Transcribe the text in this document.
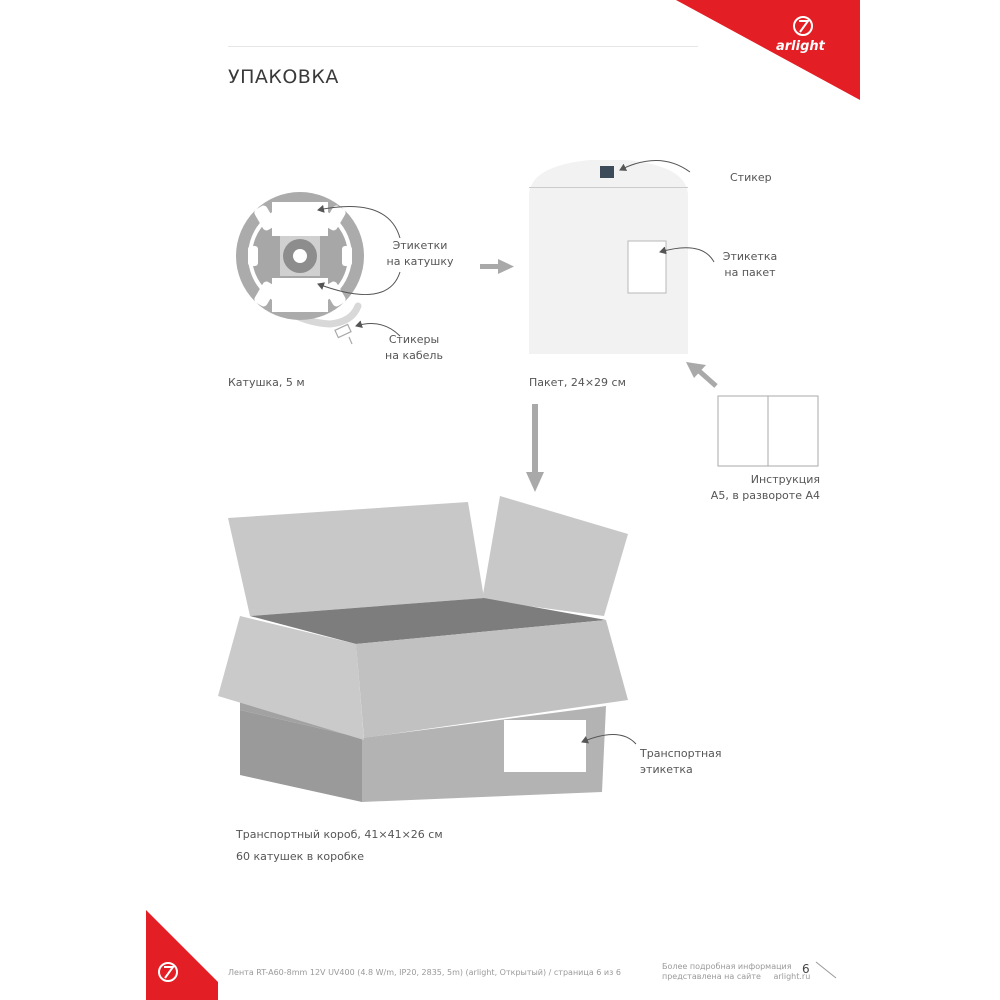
arlight
УПАКОВКА
Этикетки
на катушку
Стикеры
на кабель
Катушка, 5 м
Стикер
Этикетка
на пакет
Пакет, 24×29 см
Инструкция
А5, в развороте А4
Транспортная
этикетка
Транспортный короб, 41×41×26 см
60 катушек в коробке
Лента RT-A60-8mm 12V UV400 (4.8 W/m, IP20, 2835, 5m) (arlight, Открытый) / страница 6 из 6
Более подробная информация
представлена на сайте arlight.ru
6
